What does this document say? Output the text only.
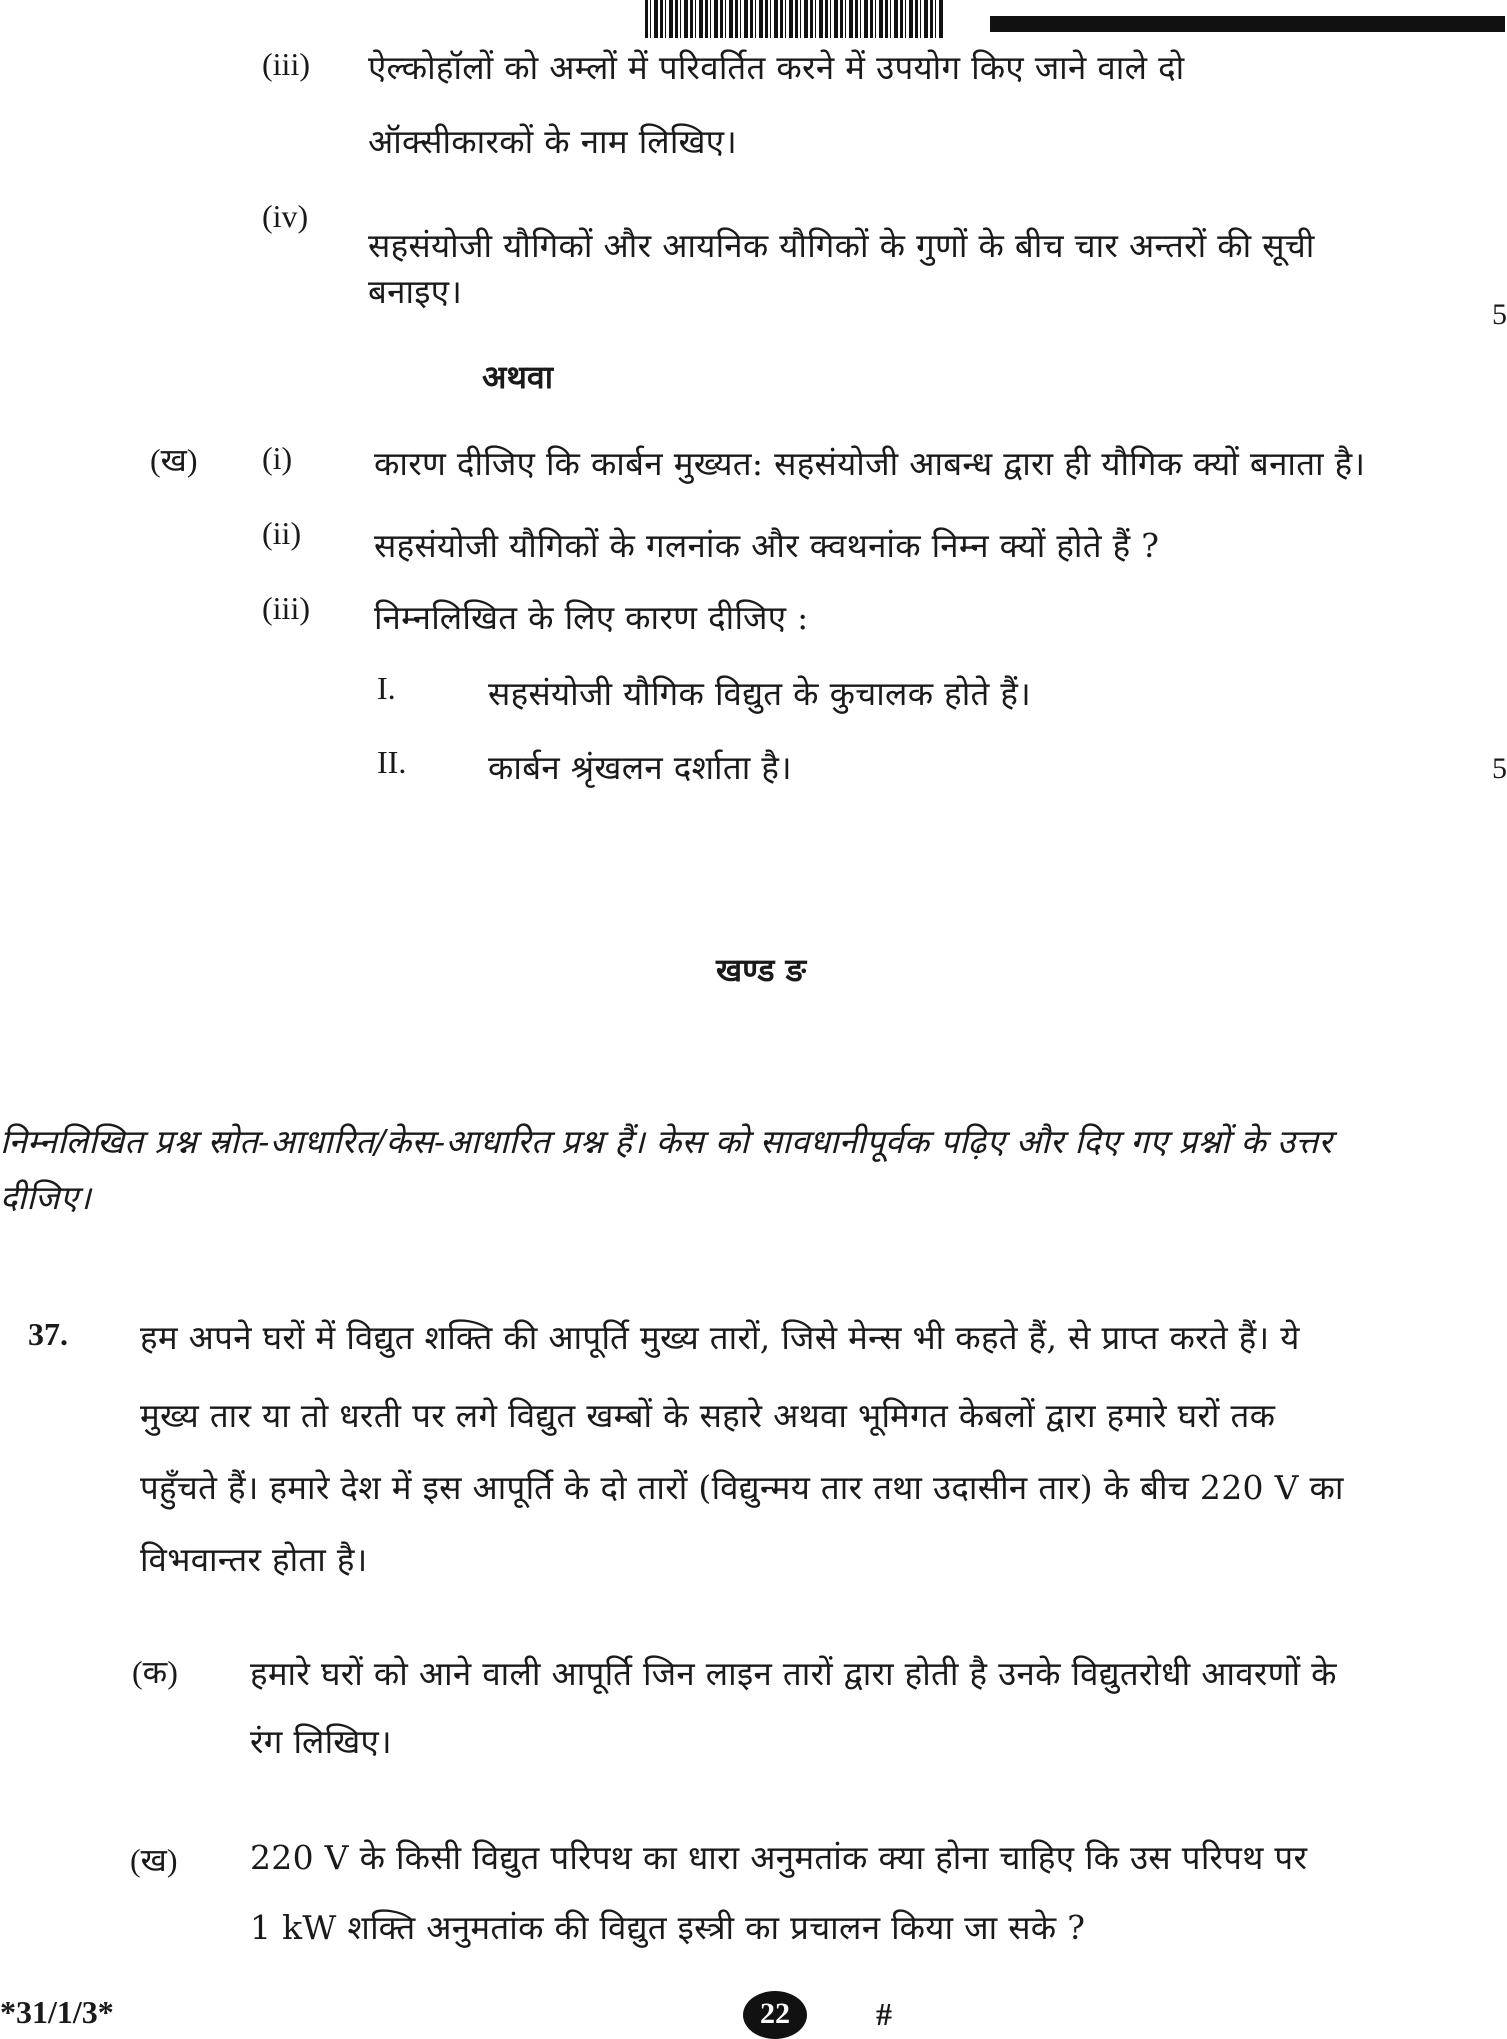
(iii) ऐल्कोहॉलों को अम्लों में परिवर्तित करने में उपयोग किए जाने वाले दो
ऑक्सीकारकों के नाम लिखिए।
(iv)
सहसंयोजी यौगिकों और आयनिक यौगिकों के गुणों के बीच चार अन्तरों की सूची
बनाइए।
5
अथवा
(ख) (i) कारण दीजिए कि कार्बन मुख्यत: सहसंयोजी आबन्ध द्वारा ही यौगिक क्यों बनाता है।
(ii) सहसंयोजी यौगिकों के गलनांक और क्वथनांक निम्न क्यों होते हैं ?
(iii) निम्नलिखित के लिए कारण दीजिए :
I.	सहसंयोजी यौगिक विद्युत के कुचालक होते हैं।
II. कार्बन श्रृंखलन दर्शाता है।	5
खण्ड ङ
निम्नलिखित प्रश्न स्रोत-आधारित/केस-आधारित प्रश्न हैं। केस को सावधानीपूर्वक पढ़िए और दिए गए प्रश्नों के उत्तर
दीजिए।
37. हम अपने घरों में विद्युत शक्ति की आपूर्ति मुख्य तारों, जिसे मेन्स भी कहते हैं, से प्राप्त करते हैं। ये
मुख्य तार या तो धरती पर लगे विद्युत खम्बों के सहारे अथवा भूमिगत केबलों द्वारा हमारे घरों तक
पहुँचते हैं। हमारे देश में इस आपूर्ति के दो तारों (विद्युन्मय तार तथा उदासीन तार) के बीच 220 V का
विभवान्तर होता है।
(क) हमारे घरों को आने वाली आपूर्ति जिन लाइन तारों द्वारा होती है उनके विद्युतरोधी आवरणों के
रंग लिखिए।
(ख) 220 V के किसी विद्युत परिपथ का धारा अनुमतांक क्या होना चाहिए कि उस परिपथ पर
1 kW शक्ति अनुमतांक की विद्युत इस्त्री का प्रचालन किया जा सके ?
*31/1/3*	22	#
